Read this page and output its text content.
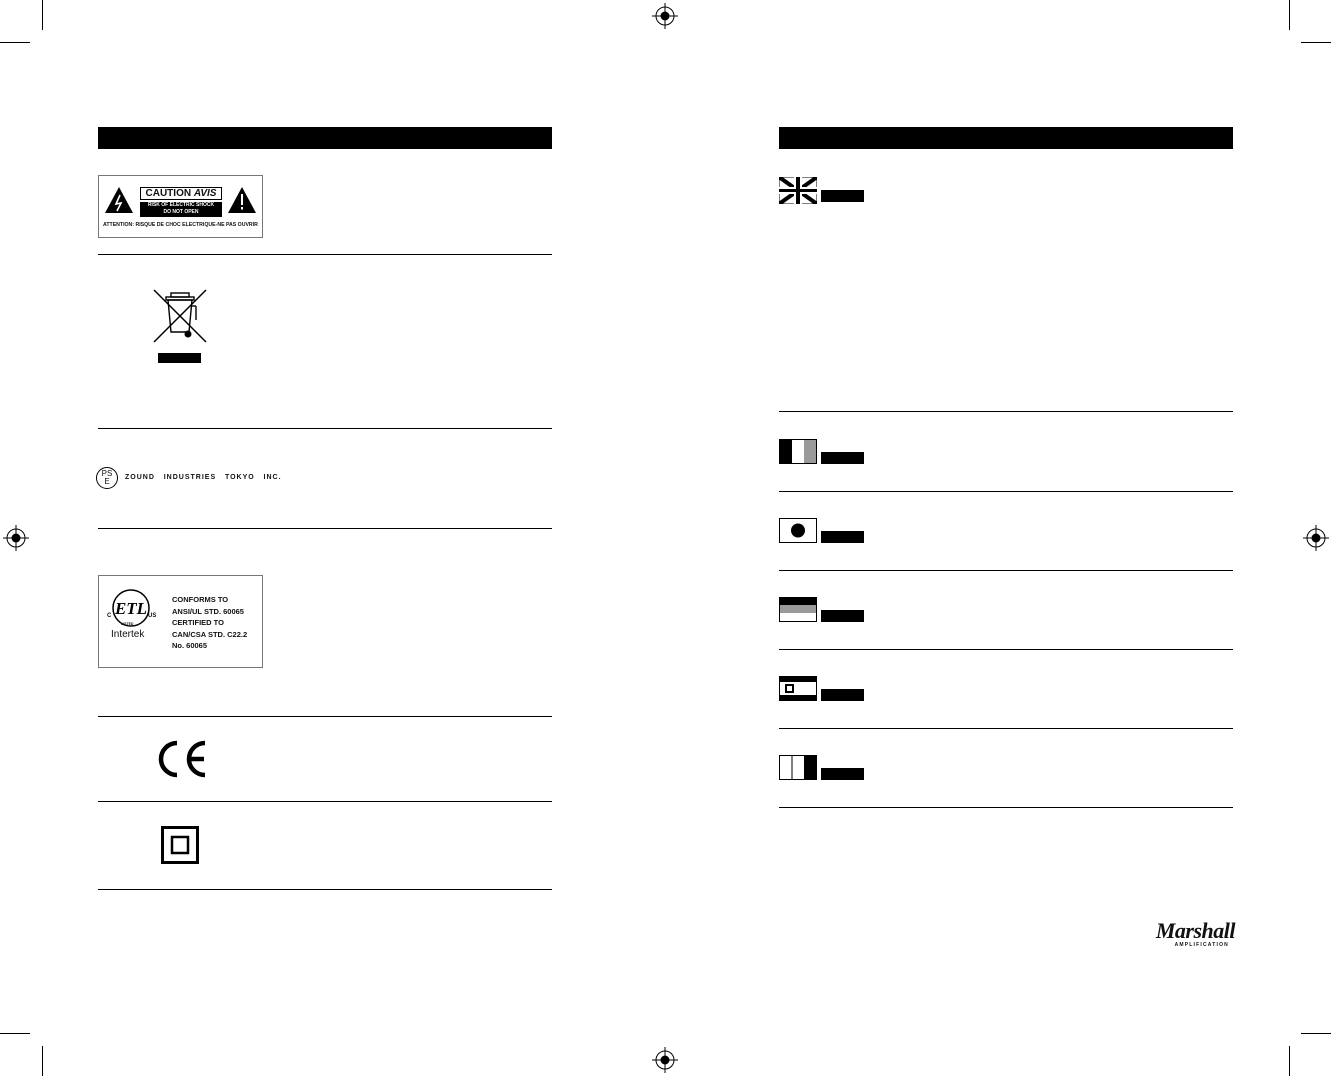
CAUTION AVIS
RISK OF ELECTRIC SHOCK
DO NOT OPEN
ATTENTION: RISQUE DE CHOC ELECTRIQUE-NE PAS OUVRIR
PS
E	ZOUND   INDUSTRIES   TOKYO   INC.
ETL
C	US
LISTED
Intertek
CONFORMS TO
ANSI/UL STD. 60065
CERTIFIED TO
CAN/CSA STD. C22.2
No. 60065
Marshall
AMPLIFICATION
